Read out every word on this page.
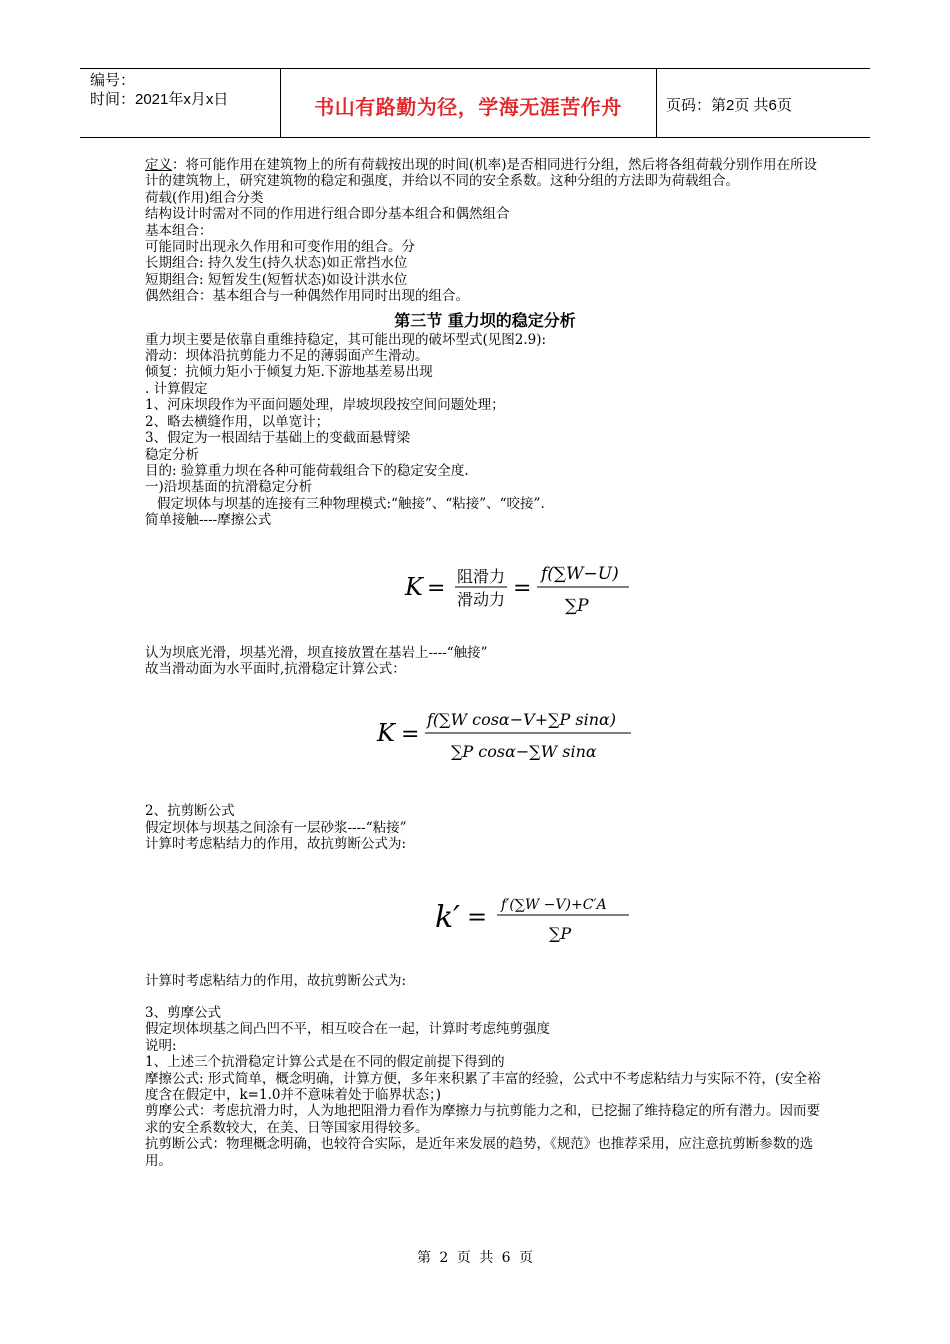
编号：
时间：2021年x月x日	书山有路勤为径，学海无涯苦作舟	页码：第2页 共6页

定义：将可能作用在建筑物上的所有荷载按出现的时间(机率)是否相同进行分组，然后将各组荷载分别作用在所设计的建筑物上，研究建筑物的稳定和强度，并给以不同的安全系数。这种分组的方法即为荷载组合。

荷载(作用)组合分类

结构设计时需对不同的作用进行组合即分基本组合和偶然组合

基本组合：

可能同时出现永久作用和可变作用的组合。分

长期组合: 持久发生(持久状态)如正常挡水位

短期组合: 短暂发生(短暂状态)如设计洪水位

偶然组合：基本组合与一种偶然作用同时出现的组合。

第三节 重力坝的稳定分析

重力坝主要是依靠自重维持稳定，其可能出现的破坏型式(见图2.9):

滑动：坝体沿抗剪能力不足的薄弱面产生滑动。

倾复：抗倾力矩小于倾复力矩.下游地基差易出现

. 计算假定

1、河床坝段作为平面问题处理，岸坡坝段按空间问题处理；

2、略去横缝作用，以单宽计；

3、假定为一根固结于基础上的变截面悬臂梁

稳定分析

目的: 验算重力坝在各种可能荷载组合下的稳定安全度.

一)沿坝基面的抗滑稳定分析

假定坝体与坝基的连接有三种物理模式:“触接”、“粘接”、“咬接”.

简单接触----摩擦公式

K = 阻滑力
滑动力 =
f(∑W−U)
∑P

认为坝底光滑，坝基光滑，坝直接放置在基岩上----“触接”

故当滑动面为水平面时,抗滑稳定计算公式：

K =
f(∑W cosα−V+∑P sinα)
∑P cosα−∑W sinα

2、抗剪断公式

假定坝体与坝基之间涂有一层砂浆----“粘接”

计算时考虑粘结力的作用，故抗剪断公式为:

k′ = f′(∑W −V)+C′A
∑P

计算时考虑粘结力的作用，故抗剪断公式为:

3、剪摩公式

假定坝体坝基之间凸凹不平，相互咬合在一起，计算时考虑纯剪强度

说明:

1、上述三个抗滑稳定计算公式是在不同的假定前提下得到的

摩擦公式: 形式简单，概念明确，计算方便，多年来积累了丰富的经验，公式中不考虑粘结力与实际不符，(安全裕度含在假定中，k=1.0并不意味着处于临界状态；)

剪摩公式：考虑抗滑力时，人为地把阻滑力看作为摩擦力与抗剪能力之和，已挖掘了维持稳定的所有潜力。因而要求的安全系数较大，在美、日等国家用得较多。

抗剪断公式：物理概念明确，也较符合实际，是近年来发展的趋势，《规范》也推荐采用，应注意抗剪断参数的选用。

第 2 页 共 6 页
